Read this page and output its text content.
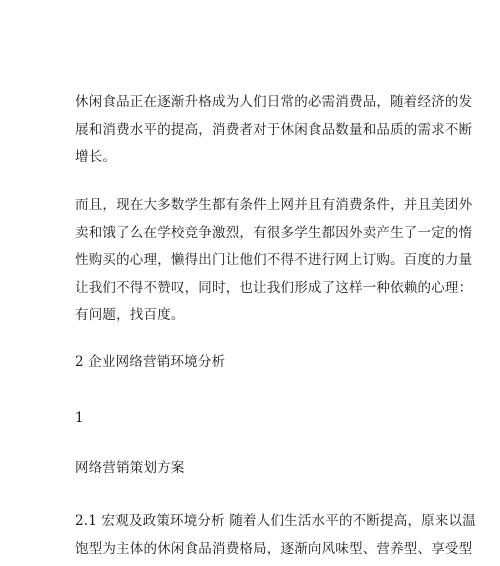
休闲食品正在逐渐升格成为人们日常的必需消费品，随着经济的发
展和消费水平的提高，消费者对于休闲食品数量和品质的需求不断
增长。

而且，现在大多数学生都有条件上网并且有消费条件，并且美团外
卖和饿了么在学校竞争激烈，有很多学生都因外卖产生了一定的惰
性购买的心理，懒得出门让他们不得不进行网上订购。百度的力量
让我们不得不赞叹，同时，也让我们形成了这样一种依赖的心理：
有问题，找百度。

2 企业网络营销环境分析

1

网络营销策划方案

2.1 宏观及政策环境分析 随着人们生活水平的不断提高，原来以温
饱型为主体的休闲食品消费格局，逐渐向风味型、营养型、享受型
